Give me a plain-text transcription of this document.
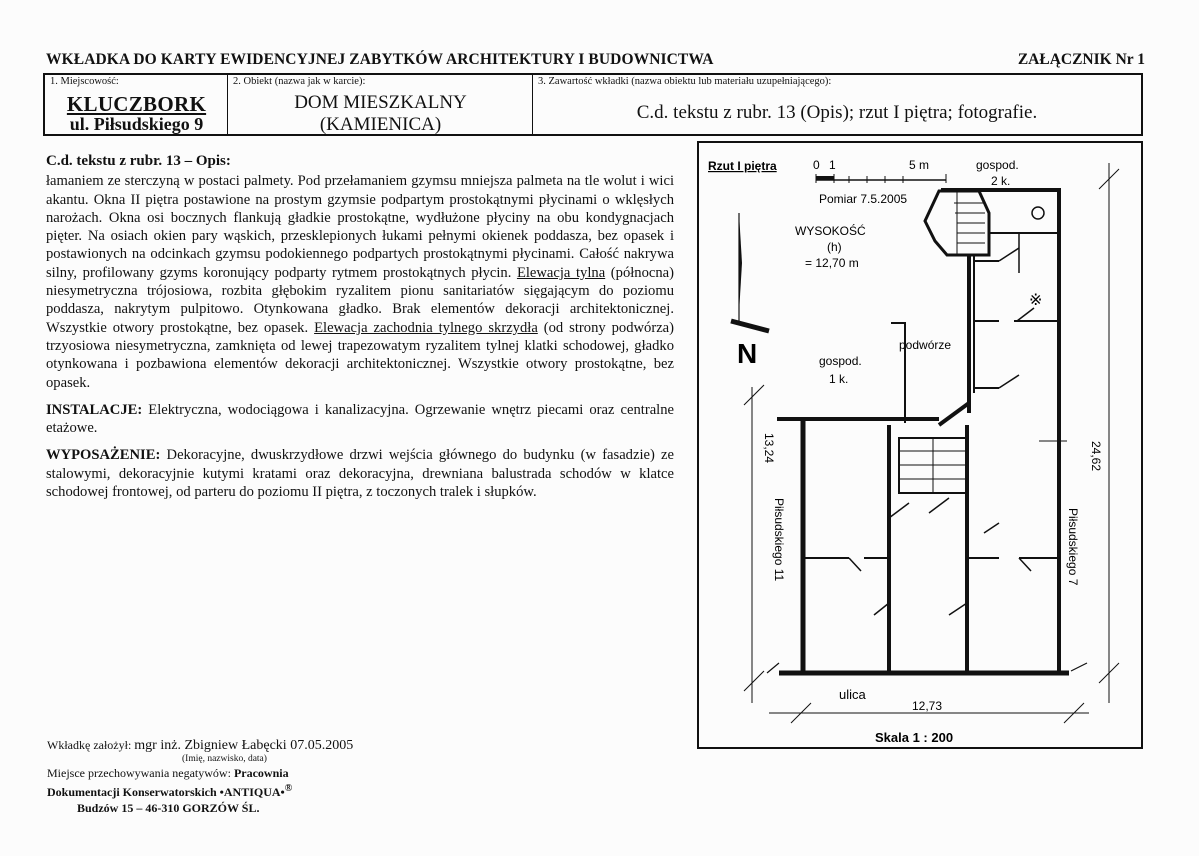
WKŁADKA DO KARTY EWIDENCYJNEJ ZABYTKÓW ARCHITEKTURY I BUDOWNICTWA	ZAŁĄCZNIK Nr 1
1. Miejscowość:
KLUCZBORK
ul. Piłsudskiego 9
2. Obiekt (nazwa jak w karcie):
DOM MIESZKALNY
(KAMIENICA)
3. Zawartość wkładki (nazwa obiektu lub materiału uzupełniającego):
C.d. tekstu z rubr. 13 (Opis); rzut I piętra; fotografie.
C.d. tekstu z rubr. 13 – Opis:

łamaniem ze sterczyną w postaci palmety. Pod przełamaniem gzymsu mniejsza palmeta na tle wolut i wici akantu. Okna II piętra postawione na prostym gzymsie podpartym prostokątnymi płycinami o wklęsłych narożach. Okna osi bocznych flankują gładkie prostokątne, wydłużone płyciny na obu kondygnacjach pięter. Na osiach okien pary wąskich, przesklepionych łukami pełnymi okienek poddasza, bez opasek i postawionych na odcinkach gzymsu podokiennego podpartych prostokątnymi płycinami. Całość nakrywa silny, profilowany gzyms koronujący podparty rytmem prostokątnych płycin. Elewacja tylna (północna) niesymetryczna trójosiowa, rozbita głębokim ryzalitem pionu sanitariatów sięgającym do poziomu poddasza, nakrytym pulpitowo. Otynkowana gładko. Brak elementów dekoracji architektonicznej. Wszystkie otwory prostokątne, bez opasek. Elewacja zachodnia tylnego skrzydła (od strony podwórza) trzyosiowa niesymetryczna, zamknięta od lewej trapezowatym ryzalitem tylnej klatki schodowej, gładko otynkowana i pozbawiona elementów dekoracji architektonicznej. Wszystkie otwory prostokątne, bez opasek.

INSTALACJE: Elektryczna, wodociągowa i kanalizacyjna. Ogrzewanie wnętrz piecami oraz centralne etażowe.

WYPOSAŻENIE: Dekoracyjne, dwuskrzydłowe drzwi wejścia głównego do budynku (w fasadzie) ze stalowymi, dekoracyjnie kutymi kratami oraz dekoracyjna, drewniana balustrada schodów w klatce schodowej frontowej, od parteru do poziomu II piętra, z toczonych tralek i słupków.

Wkładkę założył: mgr inż. Zbigniew Łabęcki 07.05.2005
(Imię, nazwisko, data)
Miejsce przechowywania negatywów: Pracownia
Dokumentacji Konserwatorskich •ANTIQUA•®
Budzów 15 – 46-310 GORZÓW ŚL.
Rzut I piętra	0 1	5 m
Pomiar 7.5.2005
WYSOKOŚĆ
(h)
= 12,70 m
N
gospod.
2 k.
gospod.
1 k.
podwórze
※
13,24	24,62
Piłsudskiego 11	Piłsudskiego 7
12,73
ulica
Skala 1 : 200
